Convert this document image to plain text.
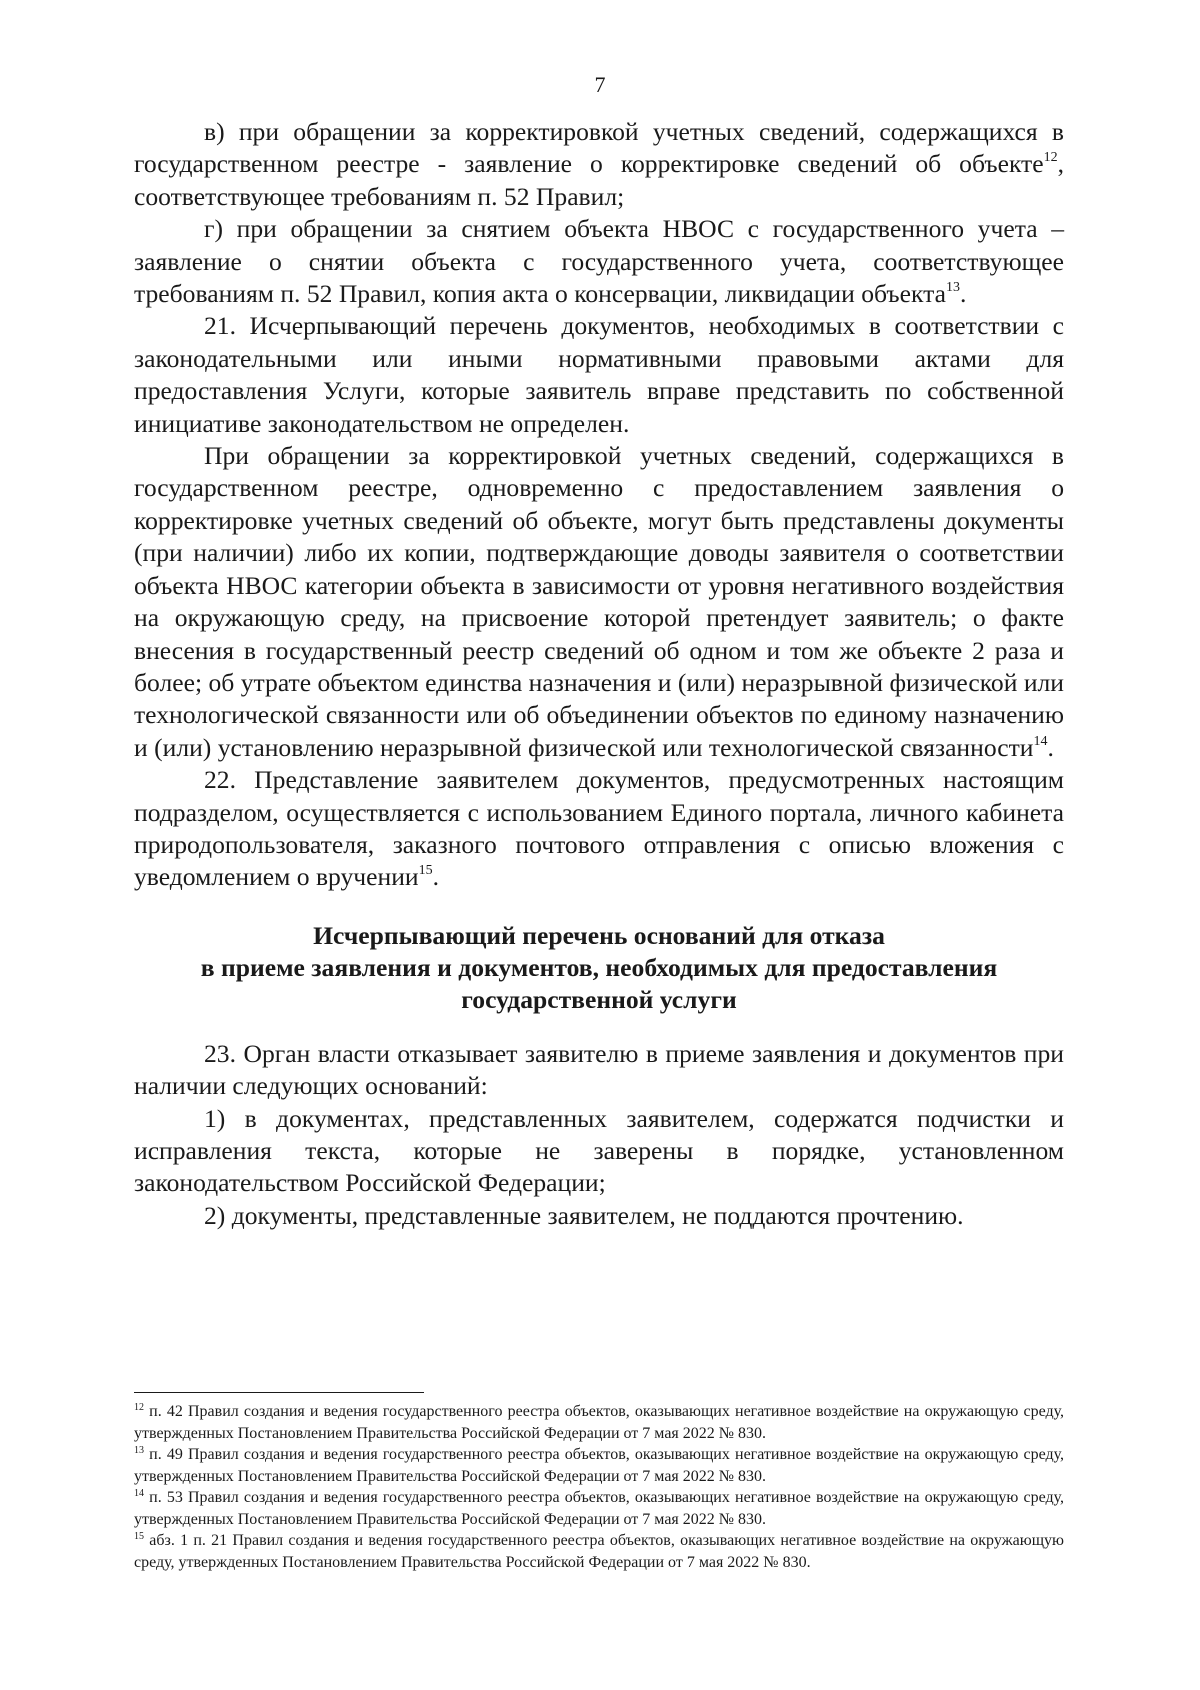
7

в) при обращении за корректировкой учетных сведений, содержащихся в государственном реестре - заявление о корректировке сведений об объекте$^{12}$, соответствующее требованиям п. 52 Правил;

г) при обращении за снятием объекта НВОС с государственного учета – заявление о снятии объекта с государственного учета, соответствующее требованиям п. 52 Правил, копия акта о консервации, ликвидации объекта$^{13}$.

21. Исчерпывающий перечень документов, необходимых в соответствии с законодательными или иными нормативными правовыми актами для предоставления Услуги, которые заявитель вправе представить по собственной инициативе законодательством не определен.

При обращении за корректировкой учетных сведений, содержащихся в государственном реестре, одновременно с предоставлением заявления о корректировке учетных сведений об объекте, могут быть представлены документы (при наличии) либо их копии, подтверждающие доводы заявителя о соответствии объекта НВОС категории объекта в зависимости от уровня негативного воздействия на окружающую среду, на присвоение которой претендует заявитель; о факте внесения в государственный реестр сведений об одном и том же объекте 2 раза и более; об утрате объектом единства назначения и (или) неразрывной физической или технологической связанности или об объединении объектов по единому назначению и (или) установлению неразрывной физической или технологической связанности$^{14}$.

22. Представление заявителем документов, предусмотренных настоящим подразделом, осуществляется с использованием Единого портала, личного кабинета природопользователя, заказного почтового отправления с описью вложения с уведомлением о вручении$^{15}$.

Исчерпывающий перечень оснований для отказа
в приеме заявления и документов, необходимых для предоставления
государственной услуги

23. Орган власти отказывает заявителю в приеме заявления и документов при наличии следующих оснований:

1) в документах, представленных заявителем, содержатся подчистки и исправления текста, которые не заверены в порядке, установленном законодательством Российской Федерации;

2) документы, представленные заявителем, не поддаются прочтению.

$^{12}$ п. 42 Правил создания и ведения государственного реестра объектов, оказывающих негативное воздействие на окружающую среду, утвержденных Постановлением Правительства Российской Федерации от 7 мая 2022 № 830.

$^{13}$ п. 49 Правил создания и ведения государственного реестра объектов, оказывающих негативное воздействие на окружающую среду, утвержденных Постановлением Правительства Российской Федерации от 7 мая 2022 № 830.

$^{14}$ п. 53 Правил создания и ведения государственного реестра объектов, оказывающих негативное воздействие на окружающую среду, утвержденных Постановлением Правительства Российской Федерации от 7 мая 2022 № 830.

$^{15}$ абз. 1 п. 21 Правил создания и ведения государственного реестра объектов, оказывающих негативное воздействие на окружающую среду, утвержденных Постановлением Правительства Российской Федерации от 7 мая 2022 № 830.
